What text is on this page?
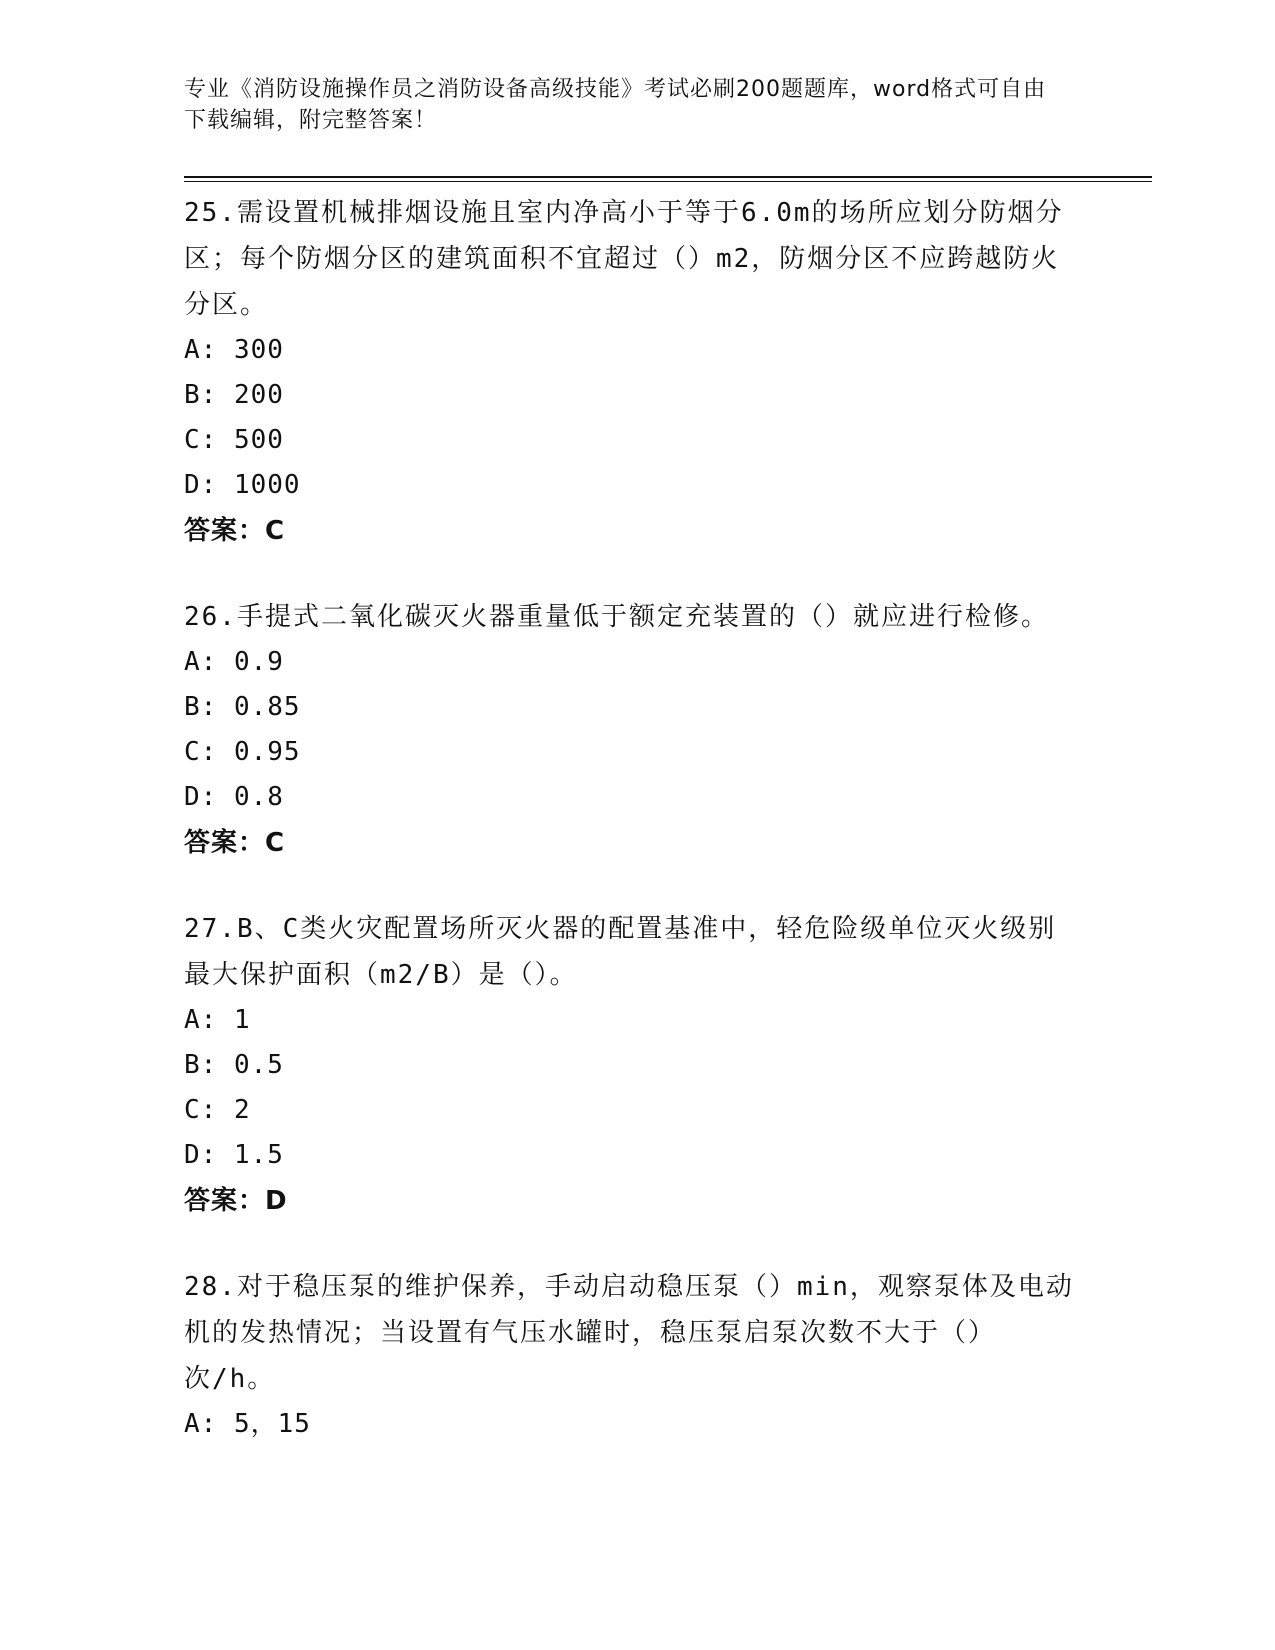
专业《消防设施操作员之消防设备高级技能》考试必刷200题题库，word格式可自由下载编辑，附完整答案！

25.需设置机械排烟设施且室内净高小于等于6.0m的场所应划分防烟分区；每个防烟分区的建筑面积不宜超过（）m2，防烟分区不应跨越防火分区。

A: 300

B: 200

C: 500

D: 1000

答案：C

26.手提式二氧化碳灭火器重量低于额定充装置的（）就应进行检修。

A: 0.9

B: 0.85

C: 0.95

D: 0.8

答案：C

27.B、C类火灾配置场所灭火器的配置基准中，轻危险级单位灭火级别最大保护面积（m2/B）是（）。

A: 1

B: 0.5

C: 2

D: 1.5

答案：D

28.对于稳压泵的维护保养，手动启动稳压泵（）min，观察泵体及电动机的发热情况；当设置有气压水罐时，稳压泵启泵次数不大于（）次/h。

A: 5，15
